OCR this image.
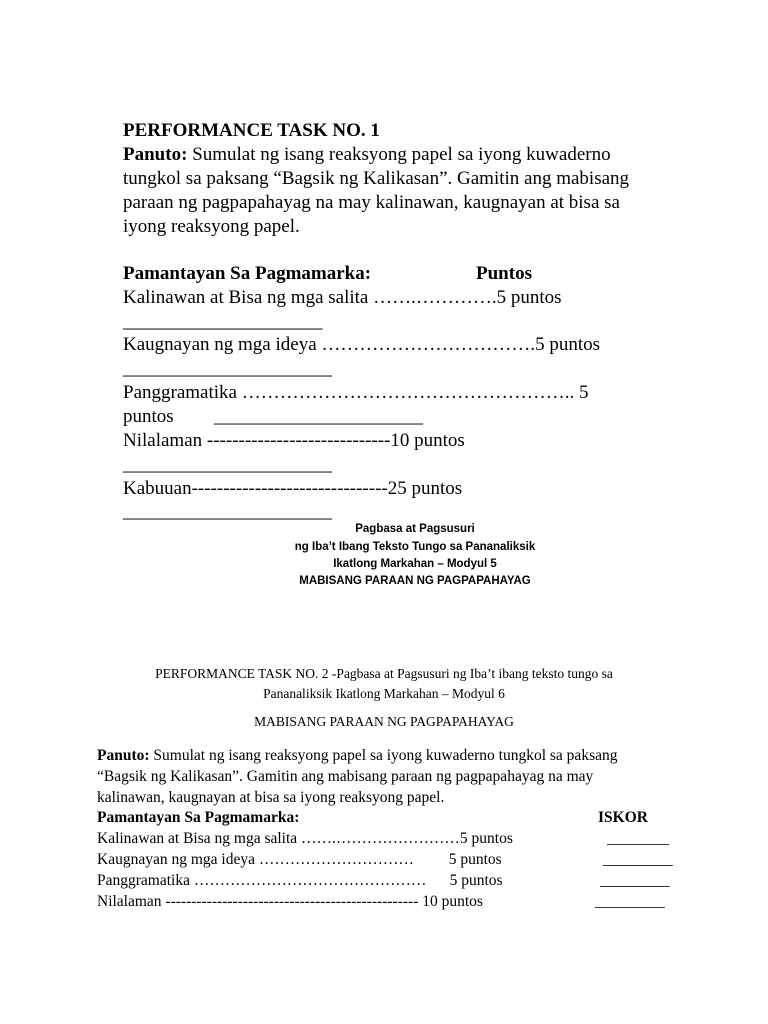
PERFORMANCE TASK NO. 1
Panuto: Sumulat ng isang reaksyong papel sa iyong kuwaderno
tungkol sa paksang “Bagsik ng Kalikasan”. Gamitin ang mabisang
paraan ng pagpapahayag na may kalinawan, kaugnayan at bisa sa
iyong reaksyong papel.
Pamantayan Sa Pagmamarka:	Puntos
Kalinawan at Bisa ng mga salita …….………….5 puntos
_____________________
Kaugnayan ng mga ideya …………………………….5 puntos
______________________
Panggramatika …………………………………………….. 5
puntos ______________________
Nilalaman -----------------------------10 puntos
______________________
Kabuuan-------------------------------25 puntos
______________________
Pagbasa at Pagsusuri
ng Iba’t Ibang Teksto Tungo sa Pananaliksik
Ikatlong Markahan – Modyul 5
MABISANG PARAAN NG PAGPAPAHAYAG
PERFORMANCE TASK NO. 2 -Pagbasa at Pagsusuri ng Iba’t ibang teksto tungo sa
Pananaliksik Ikatlong Markahan – Modyul 6
MABISANG PARAAN NG PAGPAPAHAYAG
Panuto: Sumulat ng isang reaksyong papel sa iyong kuwaderno tungkol sa paksang
“Bagsik ng Kalikasan”. Gamitin ang mabisang paraan ng pagpapahayag na may
kalinawan, kaugnayan at bisa sa iyong reaksyong papel.
Pamantayan Sa Pagmamarka:	ISKOR
Kalinawan at Bisa ng mga salita …….……………………5 puntos	________
Kaugnayan ng mga ideya …………………………         5 puntos	_________
Panggramatika ………………………………………      5 puntos	_________
Nilalaman ------------------------------------------------- 10 puntos	_________
